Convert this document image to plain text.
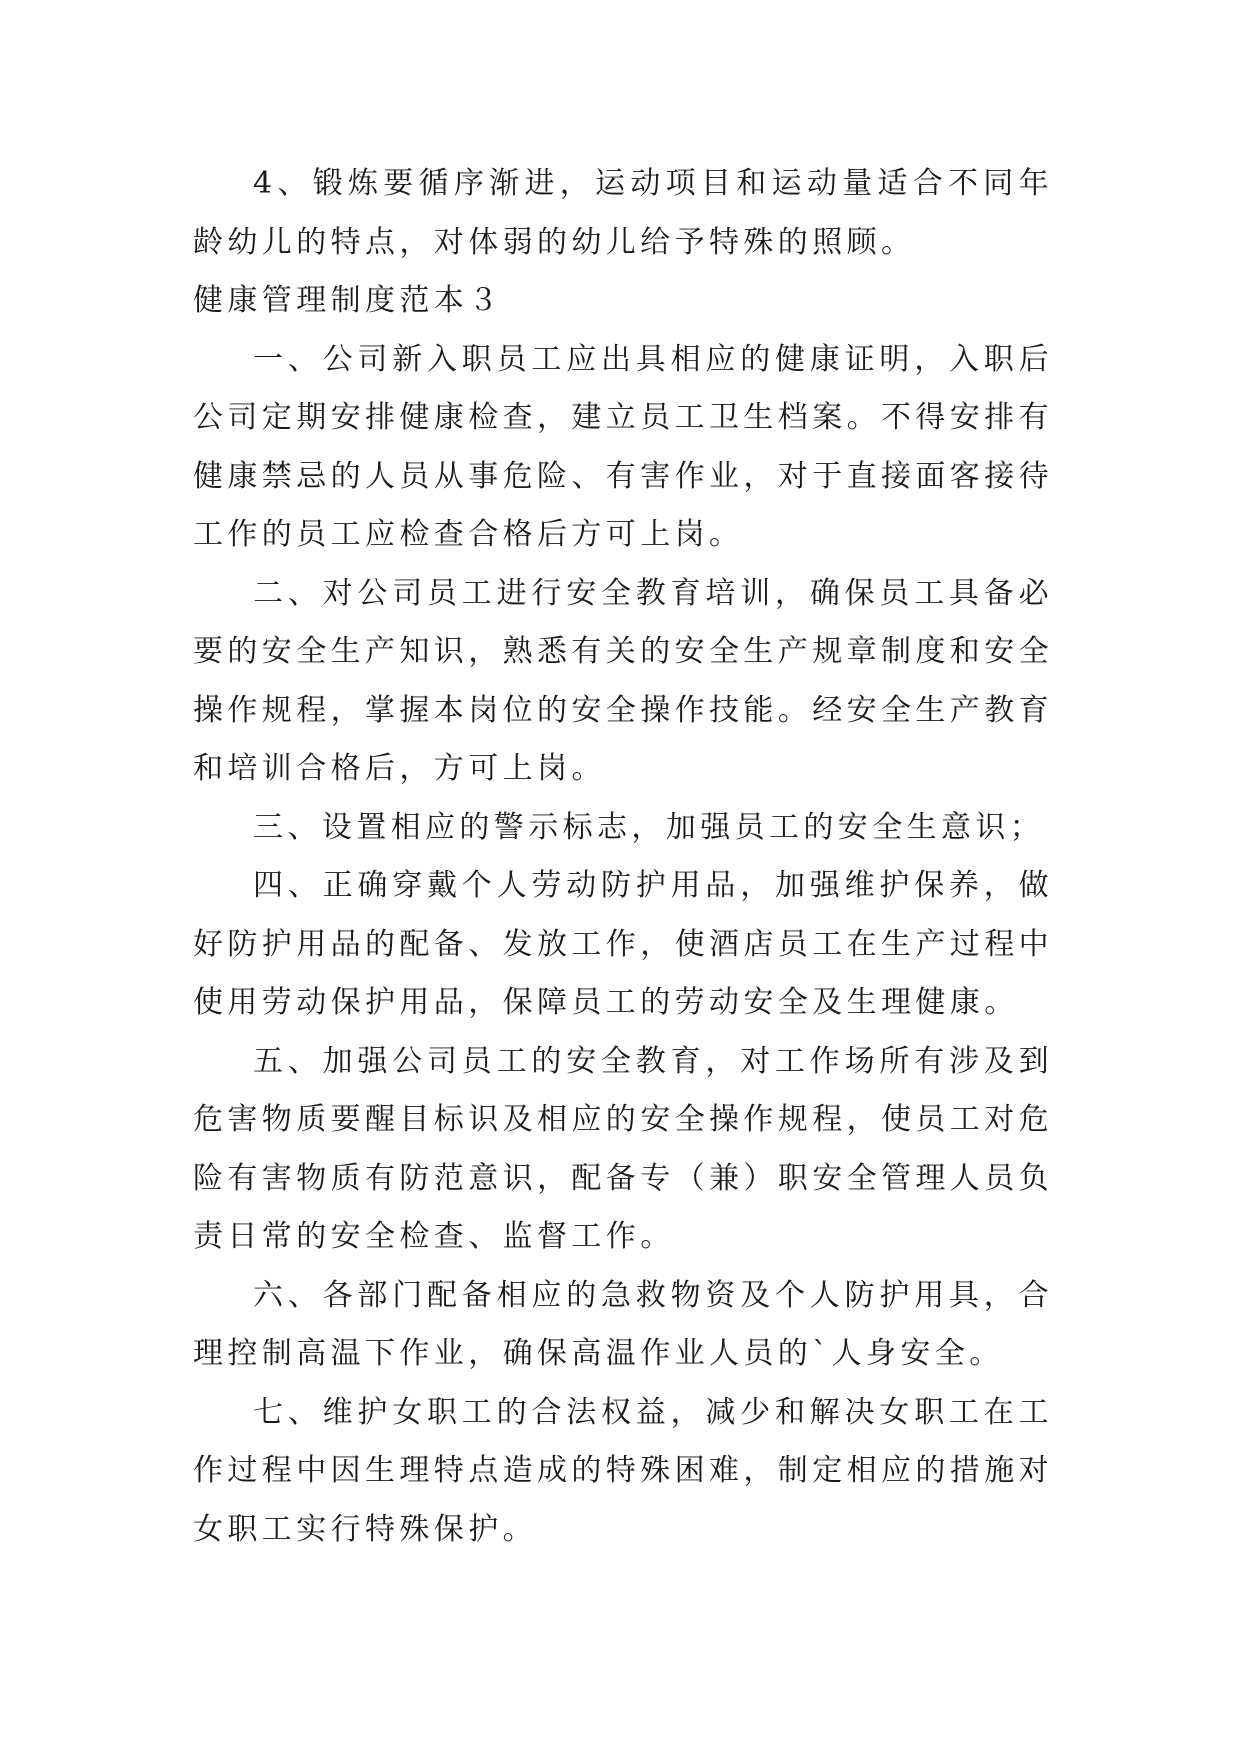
4、锻炼要循序渐进，运动项目和运动量适合不同年龄幼儿的特点，对体弱的幼儿给予特殊的照顾。

健康管理制度范本３

一、公司新入职员工应出具相应的健康证明，入职后公司定期安排健康检查，建立员工卫生档案。不得安排有健康禁忌的人员从事危险、有害作业，对于直接面客接待工作的员工应检查合格后方可上岗。

二、对公司员工进行安全教育培训，确保员工具备必要的安全生产知识，熟悉有关的安全生产规章制度和安全操作规程，掌握本岗位的安全操作技能。经安全生产教育和培训合格后，方可上岗。

三、设置相应的警示标志，加强员工的安全生意识；

四、正确穿戴个人劳动防护用品，加强维护保养，做好防护用品的配备、发放工作，使酒店员工在生产过程中使用劳动保护用品，保障员工的劳动安全及生理健康。

五、加强公司员工的安全教育，对工作场所有涉及到危害物质要醒目标识及相应的安全操作规程，使员工对危险有害物质有防范意识，配备专（兼）职安全管理人员负责日常的安全检查、监督工作。

六、各部门配备相应的急救物资及个人防护用具，合理控制高温下作业，确保高温作业人员的`人身安全。

七、维护女职工的合法权益，减少和解决女职工在工作过程中因生理特点造成的特殊困难，制定相应的措施对女职工实行特殊保护。
